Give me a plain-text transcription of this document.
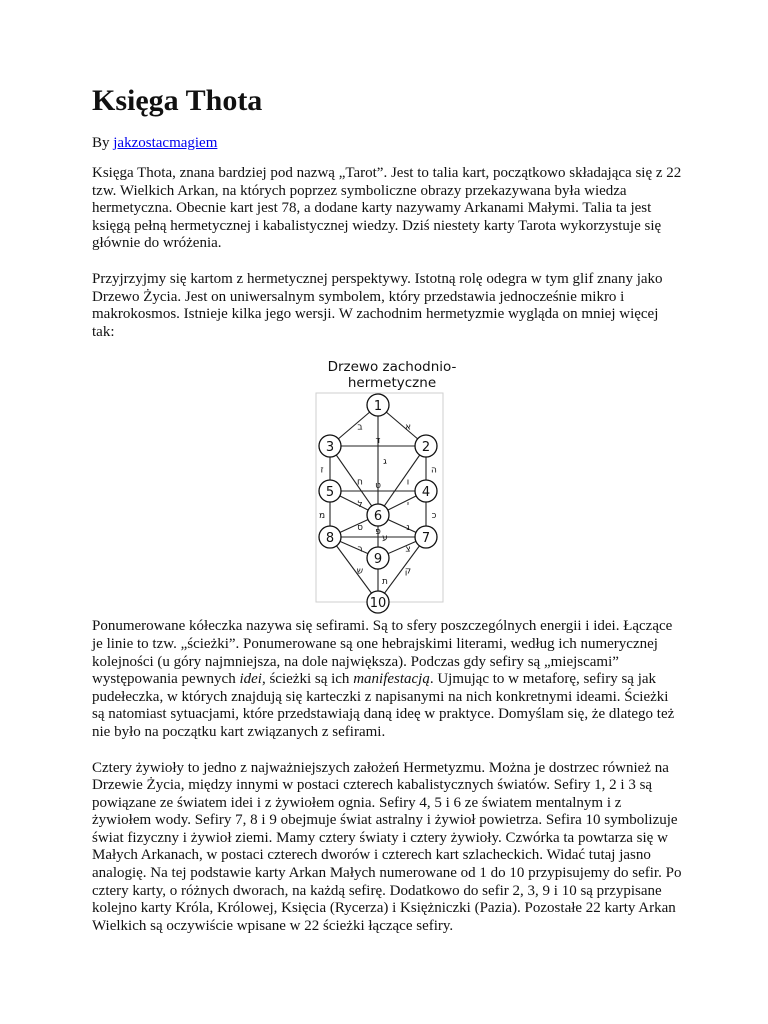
Księga Thota
By jakzostacmagiem

Księga Thota, znana bardziej pod nazwą „Tarot”. Jest to talia kart, początkowo składająca się z 22 tzw. Wielkich Arkan, na których poprzez symboliczne obrazy przekazywana była wiedza hermetyczna. Obecnie kart jest 78, a dodane karty nazywamy Arkanami Małymi. Talia ta jest księgą pełną hermetycznej i kabalistycznej wiedzy. Dziś niestety karty Tarota wykorzystuje się głównie do wróżenia.

Przyjrzyjmy się kartom z hermetycznej perspektywy. Istotną rolę odegra w tym glif znany jako Drzewo Życia. Jest on uniwersalnym symbolem, który przedstawia jednocześnie mikro i makrokosmos. Istnieje kilka jego wersji. W zachodnim hermetyzmie wygląda on mniej więcej tak:

Drzewo zachodnio-
hermetyczne
א
ב
ג
ד
ה
ו
ז
ח ט
י
כ
ל
מ
נ
ס
ע
פ
צ
ק
ר
ש
ת
1
2
3
4
5
6
7
8
9
10

Ponumerowane kółeczka nazywa się sefirami. Są to sfery poszczególnych energii i idei. Łączące je linie to tzw. „ścieżki”. Ponumerowane są one hebrajskimi literami, według ich numerycznej kolejności (u góry najmniejsza, na dole największa). Podczas gdy sefiry są „miejscami” występowania pewnych idei, ścieżki są ich manifestacją. Ujmując to w metaforę, sefiry są jak pudełeczka, w których znajdują się karteczki z napisanymi na nich konkretnymi ideami. Ścieżki są natomiast sytuacjami, które przedstawiają daną ideę w praktyce. Domyślam się, że dlatego też nie było na początku kart związanych z sefirami.

Cztery żywioły to jedno z najważniejszych założeń Hermetyzmu. Można je dostrzec również na Drzewie Życia, między innymi w postaci czterech kabalistycznych światów. Sefiry 1, 2 i 3 są powiązane ze światem idei i z żywiołem ognia. Sefiry 4, 5 i 6 ze światem mentalnym i z żywiołem wody. Sefiry 7, 8 i 9 obejmuje świat astralny i żywioł powietrza. Sefira 10 symbolizuje świat fizyczny i żywioł ziemi. Mamy cztery światy i cztery żywioły. Czwórka ta powtarza się w Małych Arkanach, w postaci czterech dworów i czterech kart szlacheckich. Widać tutaj jasno analogię. Na tej podstawie karty Arkan Małych numerowane od 1 do 10 przypisujemy do sefir. Po cztery karty, o różnych dworach, na każdą sefirę. Dodatkowo do sefir 2, 3, 9 i 10 są przypisane kolejno karty Króla, Królowej, Księcia (Rycerza) i Księżniczki (Pazia). Pozostałe 22 karty Arkan Wielkich są oczywiście wpisane w 22 ścieżki łączące sefiry.
